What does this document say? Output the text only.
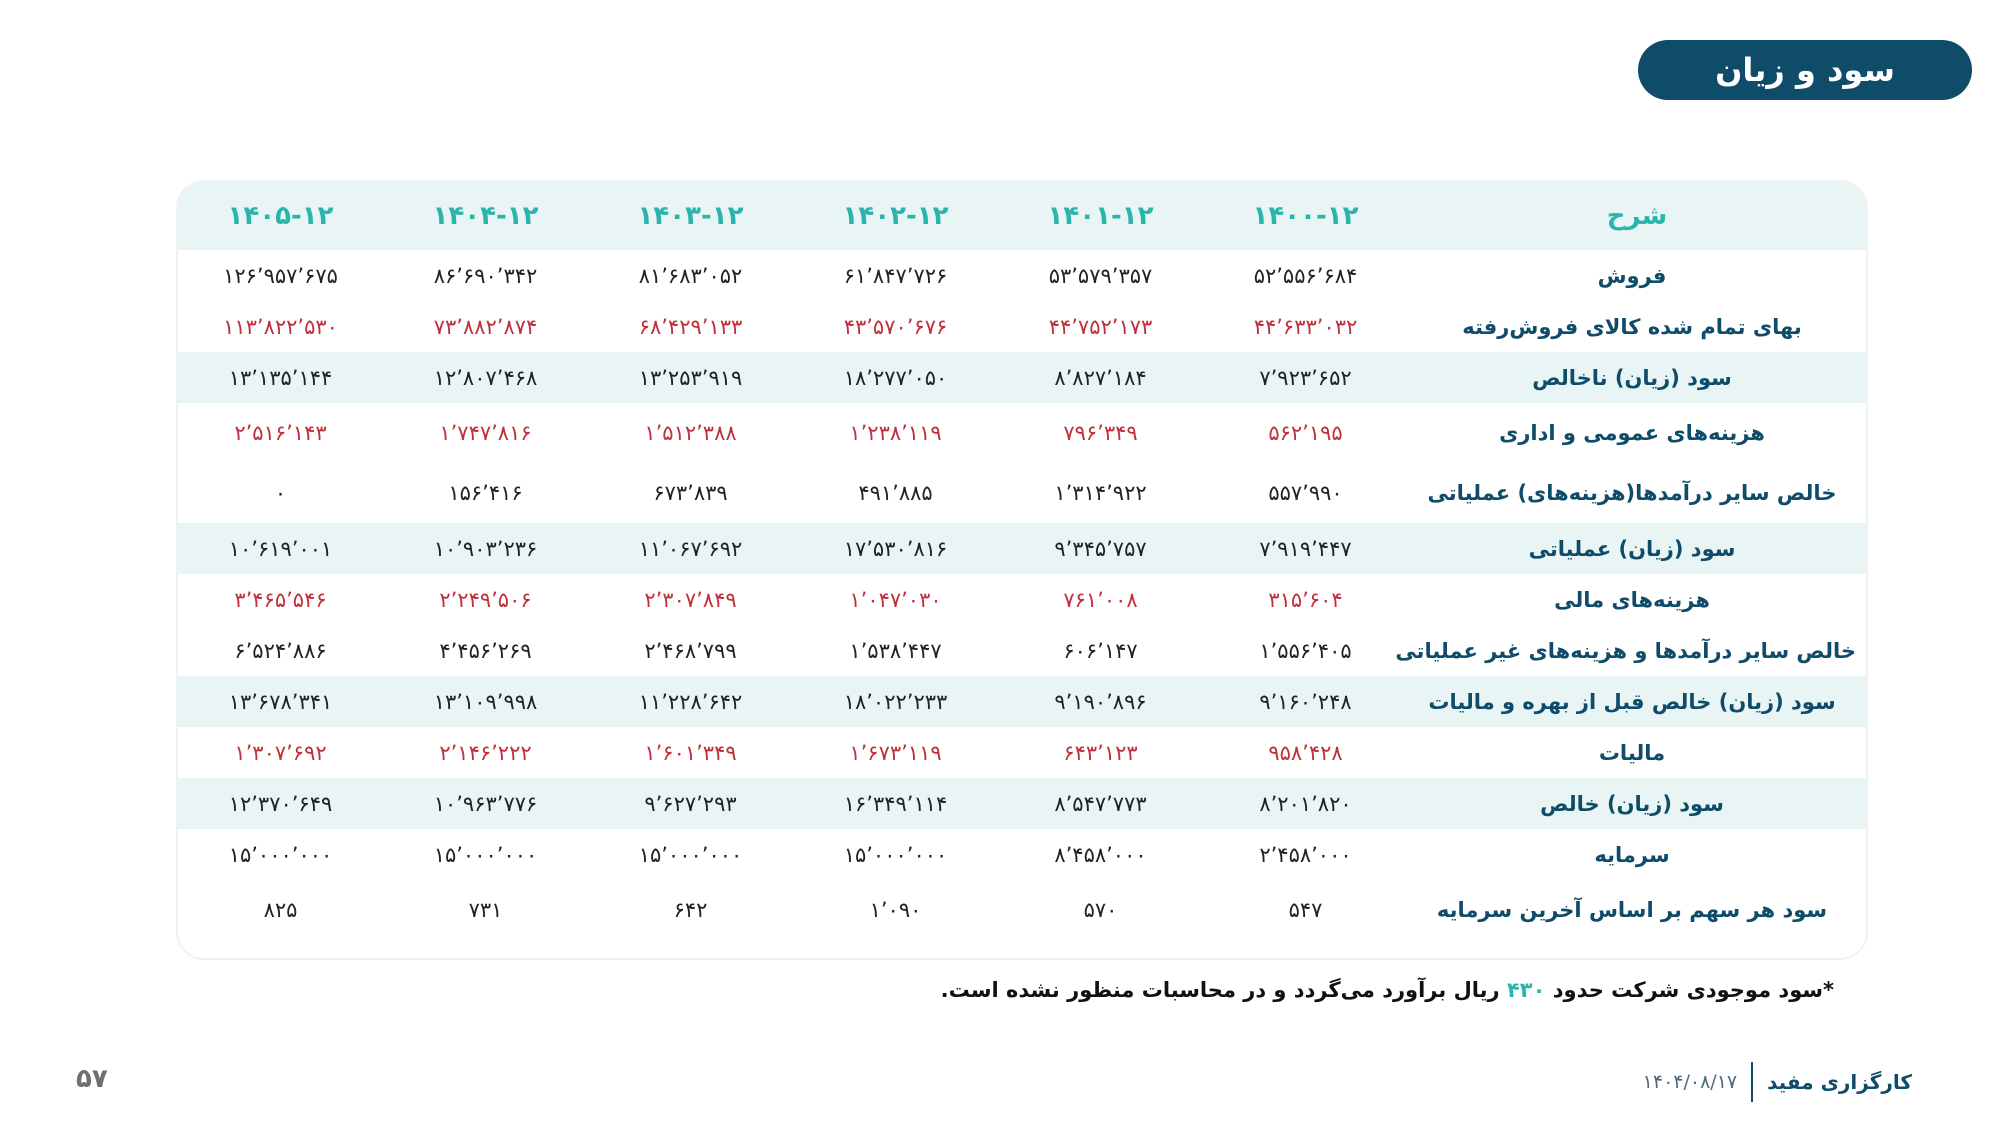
سود و زیان
شرح	۱۴۰۰-۱۲	۱۴۰۱-۱۲	۱۴۰۲-۱۲	۱۴۰۳-۱۲	۱۴۰۴-۱۲	۱۴۰۵-۱۲
فروش	۵۲٬۵۵۶٬۶۸۴	۵۳٬۵۷۹٬۳۵۷	۶۱٬۸۴۷٬۷۲۶	۸۱٬۶۸۳٬۰۵۲	۸۶٬۶۹۰٬۳۴۲	۱۲۶٬۹۵۷٬۶۷۵
بهای تمام شده کالای فروش‌رفته	۴۴٬۶۳۳٬۰۳۲	۴۴٬۷۵۲٬۱۷۳	۴۳٬۵۷۰٬۶۷۶	۶۸٬۴۲۹٬۱۳۳	۷۳٬۸۸۲٬۸۷۴	۱۱۳٬۸۲۲٬۵۳۰
سود (زیان) ناخالص	۷٬۹۲۳٬۶۵۲	۸٬۸۲۷٬۱۸۴	۱۸٬۲۷۷٬۰۵۰	۱۳٬۲۵۳٬۹۱۹	۱۲٬۸۰۷٬۴۶۸	۱۳٬۱۳۵٬۱۴۴
هزینه‌های عمومی و اداری	۵۶۲٬۱۹۵	۷۹۶٬۳۴۹	۱٬۲۳۸٬۱۱۹	۱٬۵۱۲٬۳۸۸	۱٬۷۴۷٬۸۱۶	۲٬۵۱۶٬۱۴۳
خالص سایر درآمدها(هزینه‌های) عملیاتی	۵۵۷٬۹۹۰	۱٬۳۱۴٬۹۲۲	۴۹۱٬۸۸۵	۶۷۳٬۸۳۹	۱۵۶٬۴۱۶	۰
سود (زیان) عملیاتی	۷٬۹۱۹٬۴۴۷	۹٬۳۴۵٬۷۵۷	۱۷٬۵۳۰٬۸۱۶	۱۱٬۰۶۷٬۶۹۲	۱۰٬۹۰۳٬۲۳۶	۱۰٬۶۱۹٬۰۰۱
هزینه‌های مالی	۳۱۵٬۶۰۴	۷۶۱٬۰۰۸	۱٬۰۴۷٬۰۳۰	۲٬۳۰۷٬۸۴۹	۲٬۲۴۹٬۵۰۶	۳٬۴۶۵٬۵۴۶
خالص سایر درآمدها و هزینه‌های غیر عملیاتی	۱٬۵۵۶٬۴۰۵	۶۰۶٬۱۴۷	۱٬۵۳۸٬۴۴۷	۲٬۴۶۸٬۷۹۹	۴٬۴۵۶٬۲۶۹	۶٬۵۲۴٬۸۸۶
سود (زیان) خالص قبل از بهره و مالیات	۹٬۱۶۰٬۲۴۸	۹٬۱۹۰٬۸۹۶	۱۸٬۰۲۲٬۲۳۳	۱۱٬۲۲۸٬۶۴۲	۱۳٬۱۰۹٬۹۹۸	۱۳٬۶۷۸٬۳۴۱
مالیات	۹۵۸٬۴۲۸	۶۴۳٬۱۲۳	۱٬۶۷۳٬۱۱۹	۱٬۶۰۱٬۳۴۹	۲٬۱۴۶٬۲۲۲	۱٬۳۰۷٬۶۹۲
سود (زیان) خالص	۸٬۲۰۱٬۸۲۰	۸٬۵۴۷٬۷۷۳	۱۶٬۳۴۹٬۱۱۴	۹٬۶۲۷٬۲۹۳	۱۰٬۹۶۳٬۷۷۶	۱۲٬۳۷۰٬۶۴۹
سرمایه	۲٬۴۵۸٬۰۰۰	۸٬۴۵۸٬۰۰۰	۱۵٬۰۰۰٬۰۰۰	۱۵٬۰۰۰٬۰۰۰	۱۵٬۰۰۰٬۰۰۰	۱۵٬۰۰۰٬۰۰۰
سود هر سهم بر اساس آخرین سرمایه	۵۴۷	۵۷۰	۱٬۰۹۰	۶۴۲	۷۳۱	۸۲۵
*سود موجودی شرکت حدود ۴۳۰ ریال برآورد می‌گردد و در محاسبات منظور نشده است.
۵۷	کارگزاری مفید
۱۴۰۴/۰۸/۱۷
